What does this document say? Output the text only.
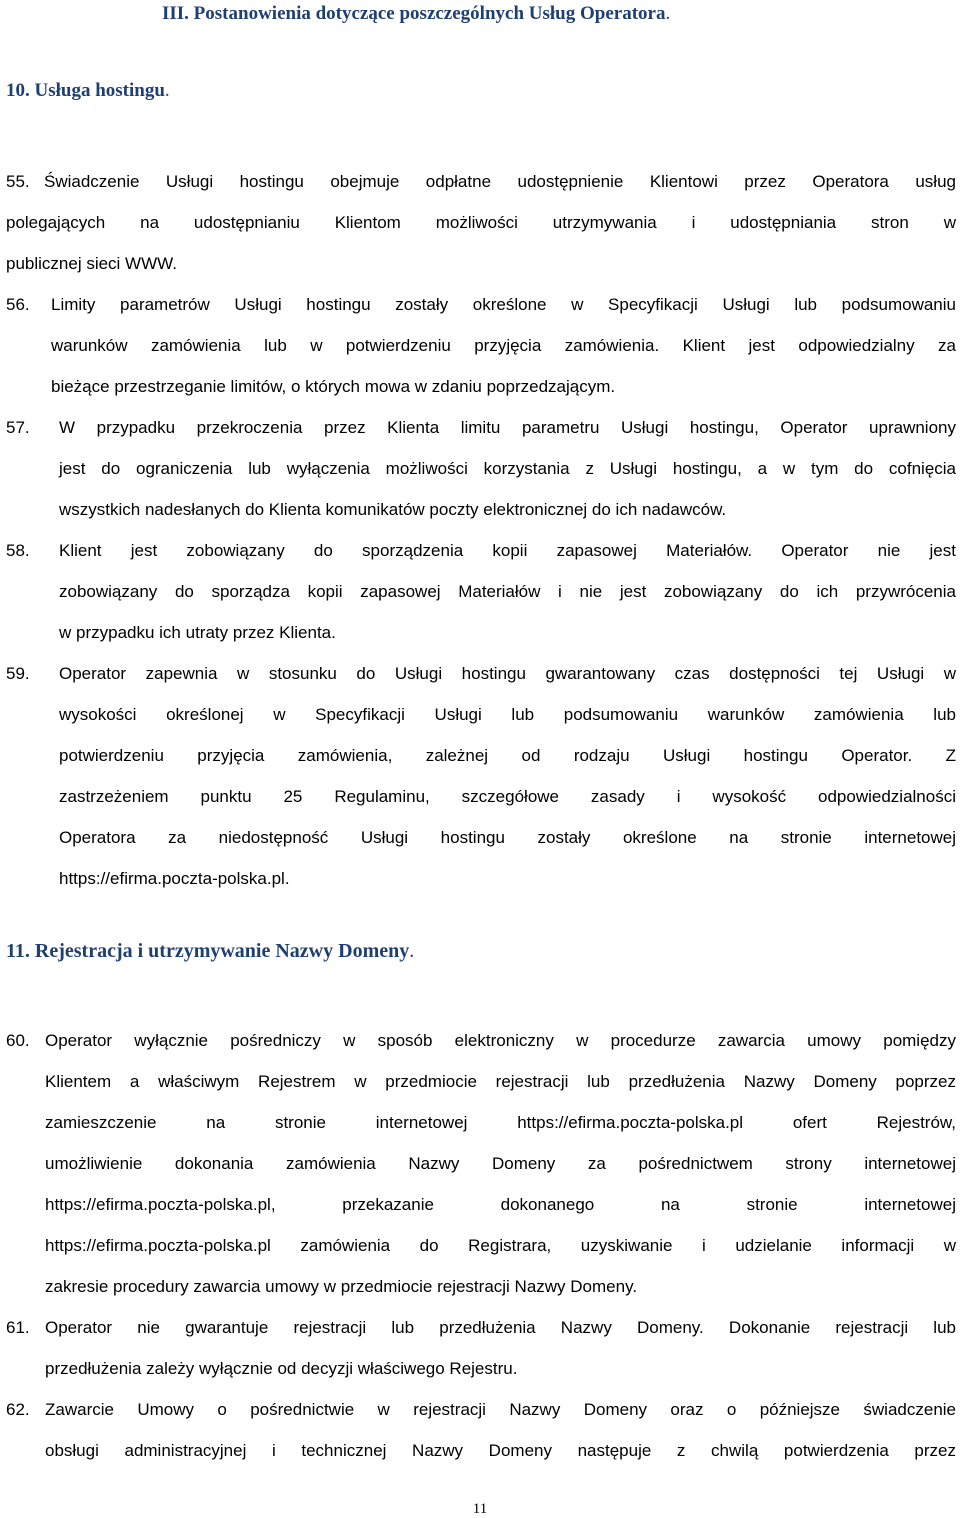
III. Postanowienia dotyczące poszczególnych Usług Operatora.
10. Usługa hostingu.
55. Świadczenie Usługi hostingu obejmuje odpłatne udostępnienie Klientowi przez Operatora usług
polegających na udostępnianiu Klientom możliwości utrzymywania i udostępniania stron w
publicznej sieci WWW.
56. Limity parametrów Usługi hostingu zostały określone w Specyfikacji Usługi lub podsumowaniu
warunków zamówienia lub w potwierdzeniu przyjęcia zamówienia. Klient jest odpowiedzialny za
bieżące przestrzeganie limitów, o których mowa w zdaniu poprzedzającym.
57. W przypadku przekroczenia przez Klienta limitu parametru Usługi hostingu, Operator uprawniony
jest do ograniczenia lub wyłączenia możliwości korzystania z Usługi hostingu, a w tym do cofnięcia
wszystkich nadesłanych do Klienta komunikatów poczty elektronicznej do ich nadawców.
58. Klient jest zobowiązany do sporządzenia kopii zapasowej Materiałów. Operator nie jest
zobowiązany do sporządza kopii zapasowej Materiałów i nie jest zobowiązany do ich przywrócenia
w przypadku ich utraty przez Klienta.
59. Operator zapewnia w stosunku do Usługi hostingu gwarantowany czas dostępności tej Usługi w
wysokości określonej w Specyfikacji Usługi lub podsumowaniu warunków zamówienia lub
potwierdzeniu przyjęcia zamówienia, zależnej od rodzaju Usługi hostingu Operator. Z
zastrzeżeniem punktu 25 Regulaminu, szczegółowe zasady i wysokość odpowiedzialności
Operatora za niedostępność Usługi hostingu zostały określone na stronie internetowej
https://efirma.poczta-polska.pl.
11. Rejestracja i utrzymywanie Nazwy Domeny.
60. Operator wyłącznie pośredniczy w sposób elektroniczny w procedurze zawarcia umowy pomiędzy
Klientem a właściwym Rejestrem w przedmiocie rejestracji lub przedłużenia Nazwy Domeny poprzez
zamieszczenie na stronie internetowej https://efirma.poczta-polska.pl ofert Rejestrów,
umożliwienie dokonania zamówienia Nazwy Domeny za pośrednictwem strony internetowej
https://efirma.poczta-polska.pl, przekazanie dokonanego na stronie internetowej
https://efirma.poczta-polska.pl zamówienia do Registrara, uzyskiwanie i udzielanie informacji w
zakresie procedury zawarcia umowy w przedmiocie rejestracji Nazwy Domeny.
61. Operator nie gwarantuje rejestracji lub przedłużenia Nazwy Domeny. Dokonanie rejestracji lub
przedłużenia zależy wyłącznie od decyzji właściwego Rejestru.
62. Zawarcie Umowy o pośrednictwie w rejestracji Nazwy Domeny oraz o późniejsze świadczenie
obsługi administracyjnej i technicznej Nazwy Domeny następuje z chwilą potwierdzenia przez
11
